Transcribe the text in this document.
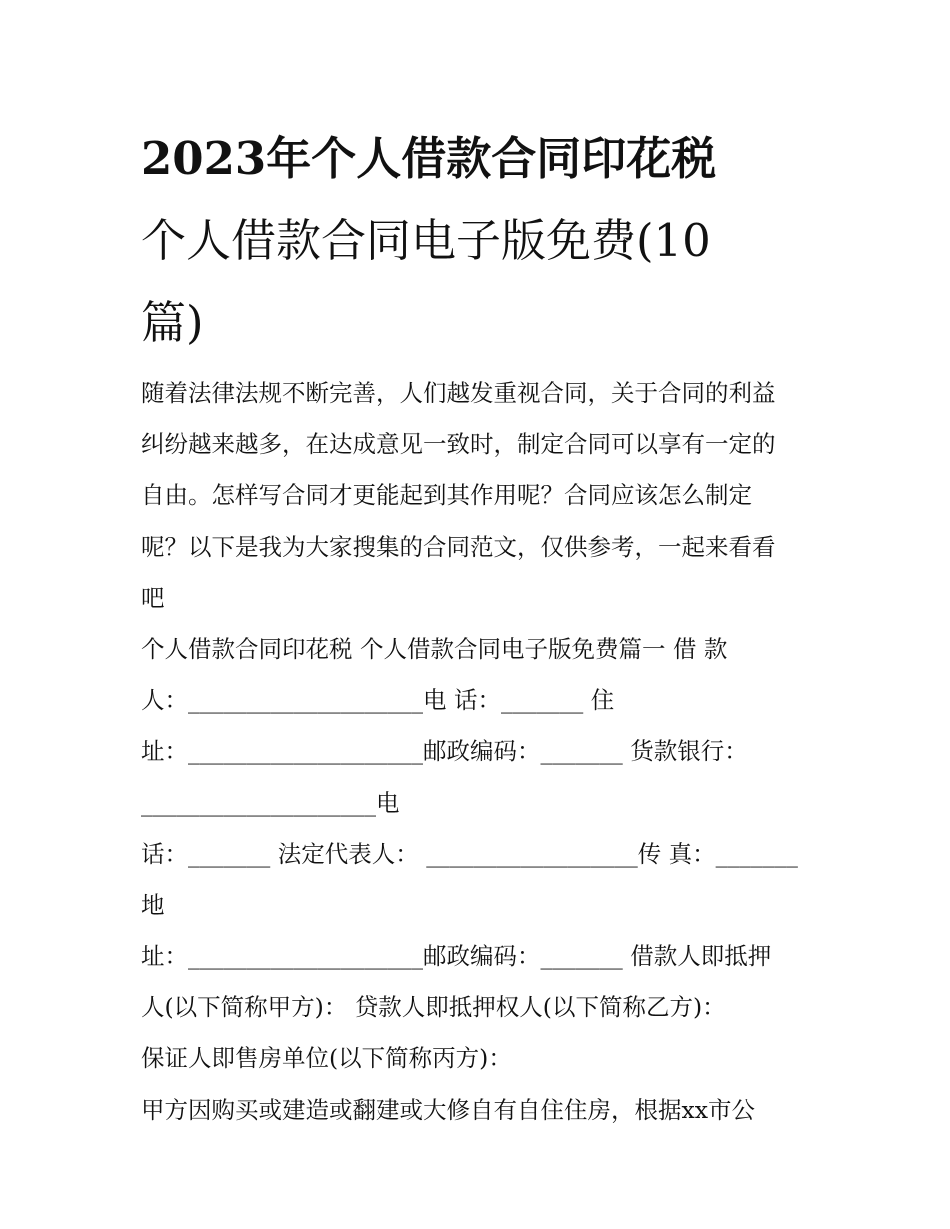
2023年个人借款合同印花税
个人借款合同电子版免费(10
篇)
随着法律法规不断完善，人们越发重视合同，关于合同的利益
纠纷越来越多，在达成意见一致时，制定合同可以享有一定的
自由。怎样写合同才更能起到其作用呢？合同应该怎么制定
呢？以下是我为大家搜集的合同范文，仅供参考，一起来看看
吧
个人借款合同印花税 个人借款合同电子版免费篇一 借 款
人：____________________电 话：_______ 住
址：____________________邮政编码：_______ 货款银行：
____________________电
话：_______ 法定代表人： __________________传 真：_______
地
址：____________________邮政编码：_______ 借款人即抵押
人(以下简称甲方)： 贷款人即抵押权人(以下简称乙方)：
保证人即售房单位(以下简称丙方)：
甲方因购买或建造或翻建或大修自有自住住房，根据xx市公
